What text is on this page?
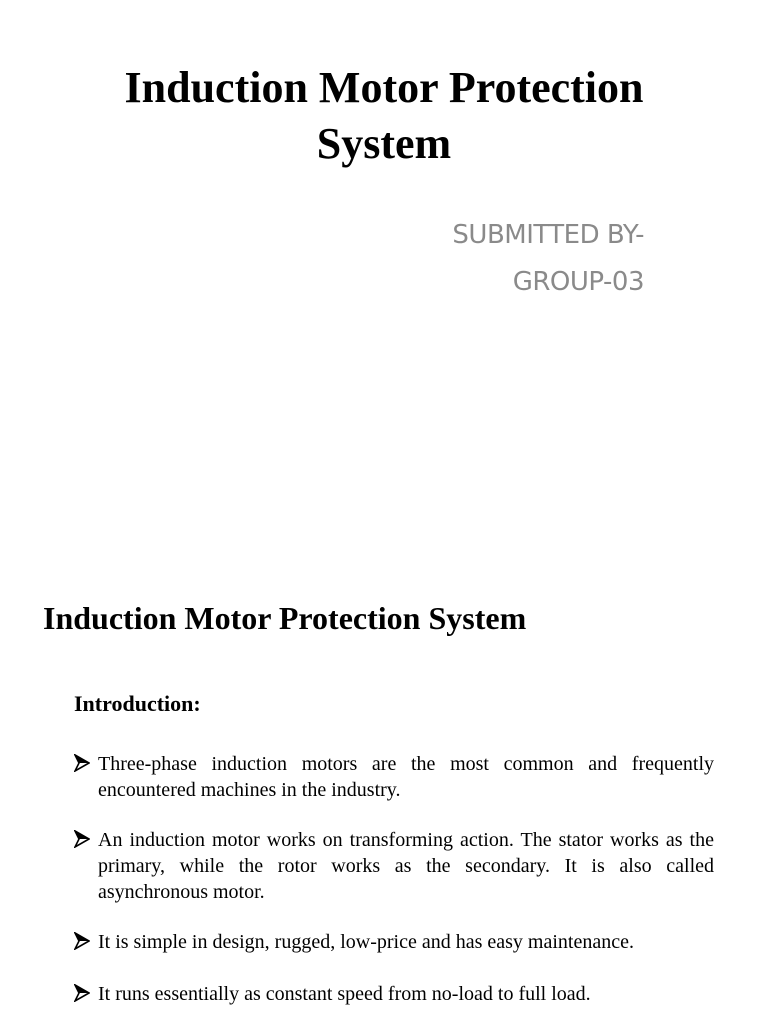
Induction Motor Protection System
SUBMITTED BY-
GROUP-03
Induction Motor Protection System
Introduction:
Three-phase induction motors are the most common and frequently encountered machines in the industry.
An induction motor works on transforming action. The stator works as the primary, while the rotor works as the secondary. It is also called asynchronous motor.
It is simple in design, rugged, low-price and has easy maintenance.
It runs essentially as constant speed from no-load to full load.
